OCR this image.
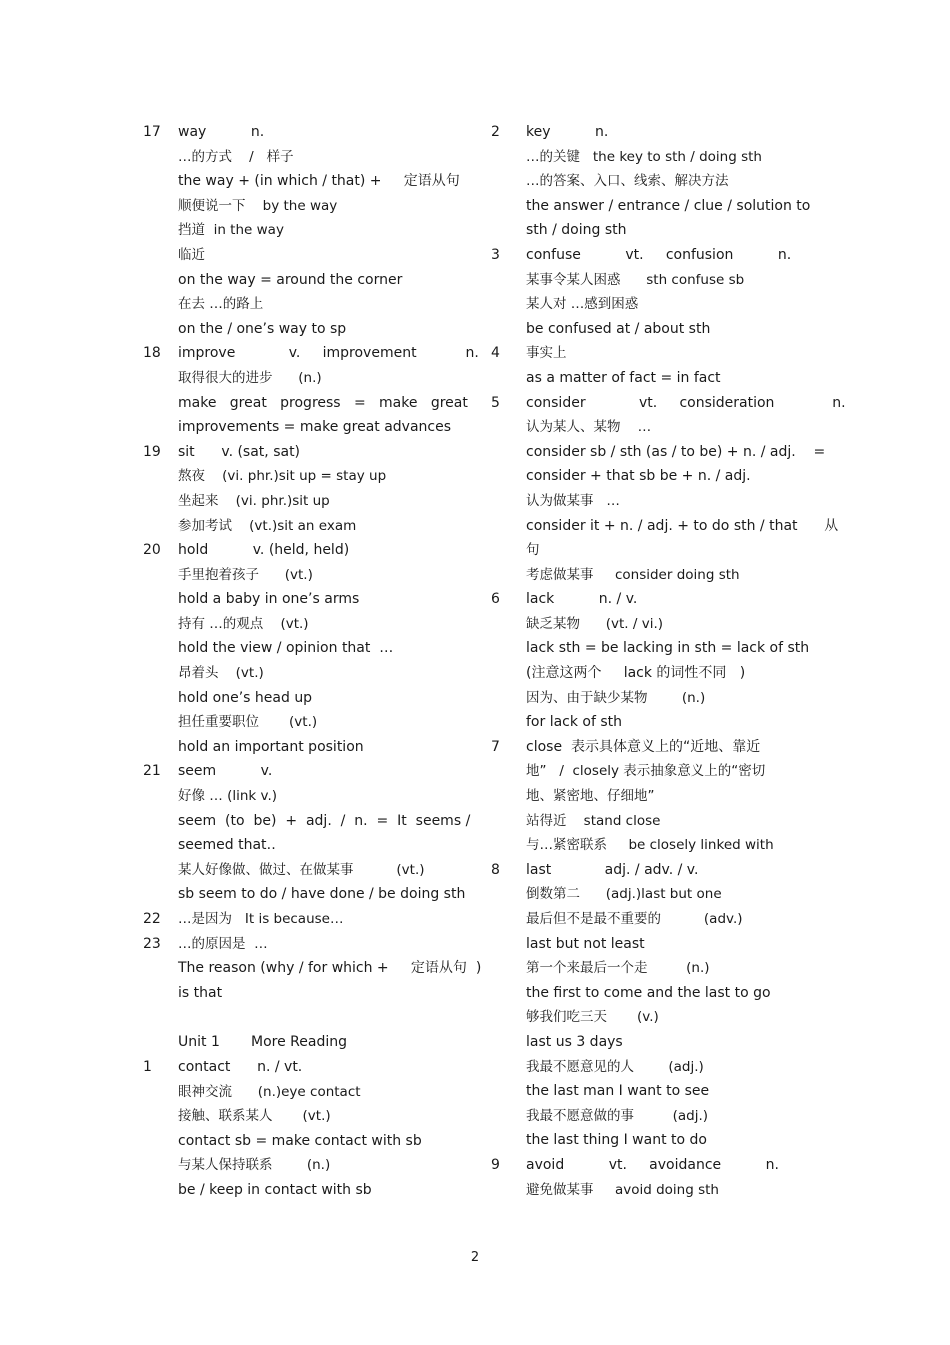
17 way          n.
…的方式    /   样子
the way + (in which / that) +     定语从句
顺便说一下    by the way
挡道  in the way
临近
on the way = around the corner
在去 …的路上
on the / one’s way to sp
18 improve            v.     improvement           n.
取得很大的进步      (n.)
make   great   progress   =   make   great
improvements = make great advances
19 sit      v. (sat, sat)
熬夜    (vi. phr.)sit up = stay up
坐起来    (vi. phr.)sit up
参加考试    (vt.)sit an exam
20 hold          v. (held, held)
手里抱着孩子      (vt.)
hold a baby in one’s arms
持有 …的观点    (vt.)
hold the view / opinion that  …
昂着头    (vt.)
hold one’s head up
担任重要职位       (vt.)
hold an important position
21 seem          v.
好像 … (link v.)
seem  (to  be)  +  adj.  /  n.  =  It  seems /
seemed that‥
某人好像做、做过、在做某事          (vt.)
sb seem to do / have done / be doing sth
22 …是因为   It is because…
23 …的原因是  …
The reason (why / for which +     定语从句  )
is that
Unit 1       More Reading
1 contact      n. / vt.
眼神交流      (n.)eye contact
接触、联系某人       (vt.)
contact sb = make contact with sb
与某人保持联系        (n.)
be / keep in contact with sb
2 key          n.
…的关键   the key to sth / doing sth
…的答案、入口、线索、解决方法
the answer / entrance / clue / solution to
sth / doing sth
3 confuse          vt.     confusion          n.
某事令某人困惑      sth confuse sb
某人对 …感到困惑
be confused at / about sth
4 事实上
as a matter of fact = in fact
5 consider            vt.     consideration             n.
认为某人、某物    …
consider sb / sth (as / to be) + n. / adj.    =
consider + that sb be + n. / adj.
认为做某事   …
consider it + n. / adj. + to do sth / that      从
句
考虑做某事     consider doing sth
6 lack          n. / v.
缺乏某物      (vt. / vi.)
lack sth = be lacking in sth = lack of sth
(注意这两个     lack 的词性不同   )
因为、由于缺少某物        (n.)
for lack of sth
7 close  表示具体意义上的“近地、靠近
地”   /  closely 表示抽象意义上的“密切
地、紧密地、仔细地”
站得近    stand close
与…紧密联系     be closely linked with
8 last            adj. / adv. / v.
倒数第二      (adj.)last but one
最后但不是最不重要的          (adv.)
last but not least
第一个来最后一个走         (n.)
the first to come and the last to go
够我们吃三天       (v.)
last us 3 days
我最不愿意见的人        (adj.)
the last man I want to see
我最不愿意做的事         (adj.)
the last thing I want to do
9 avoid          vt.     avoidance          n.
避免做某事     avoid doing sth
2
